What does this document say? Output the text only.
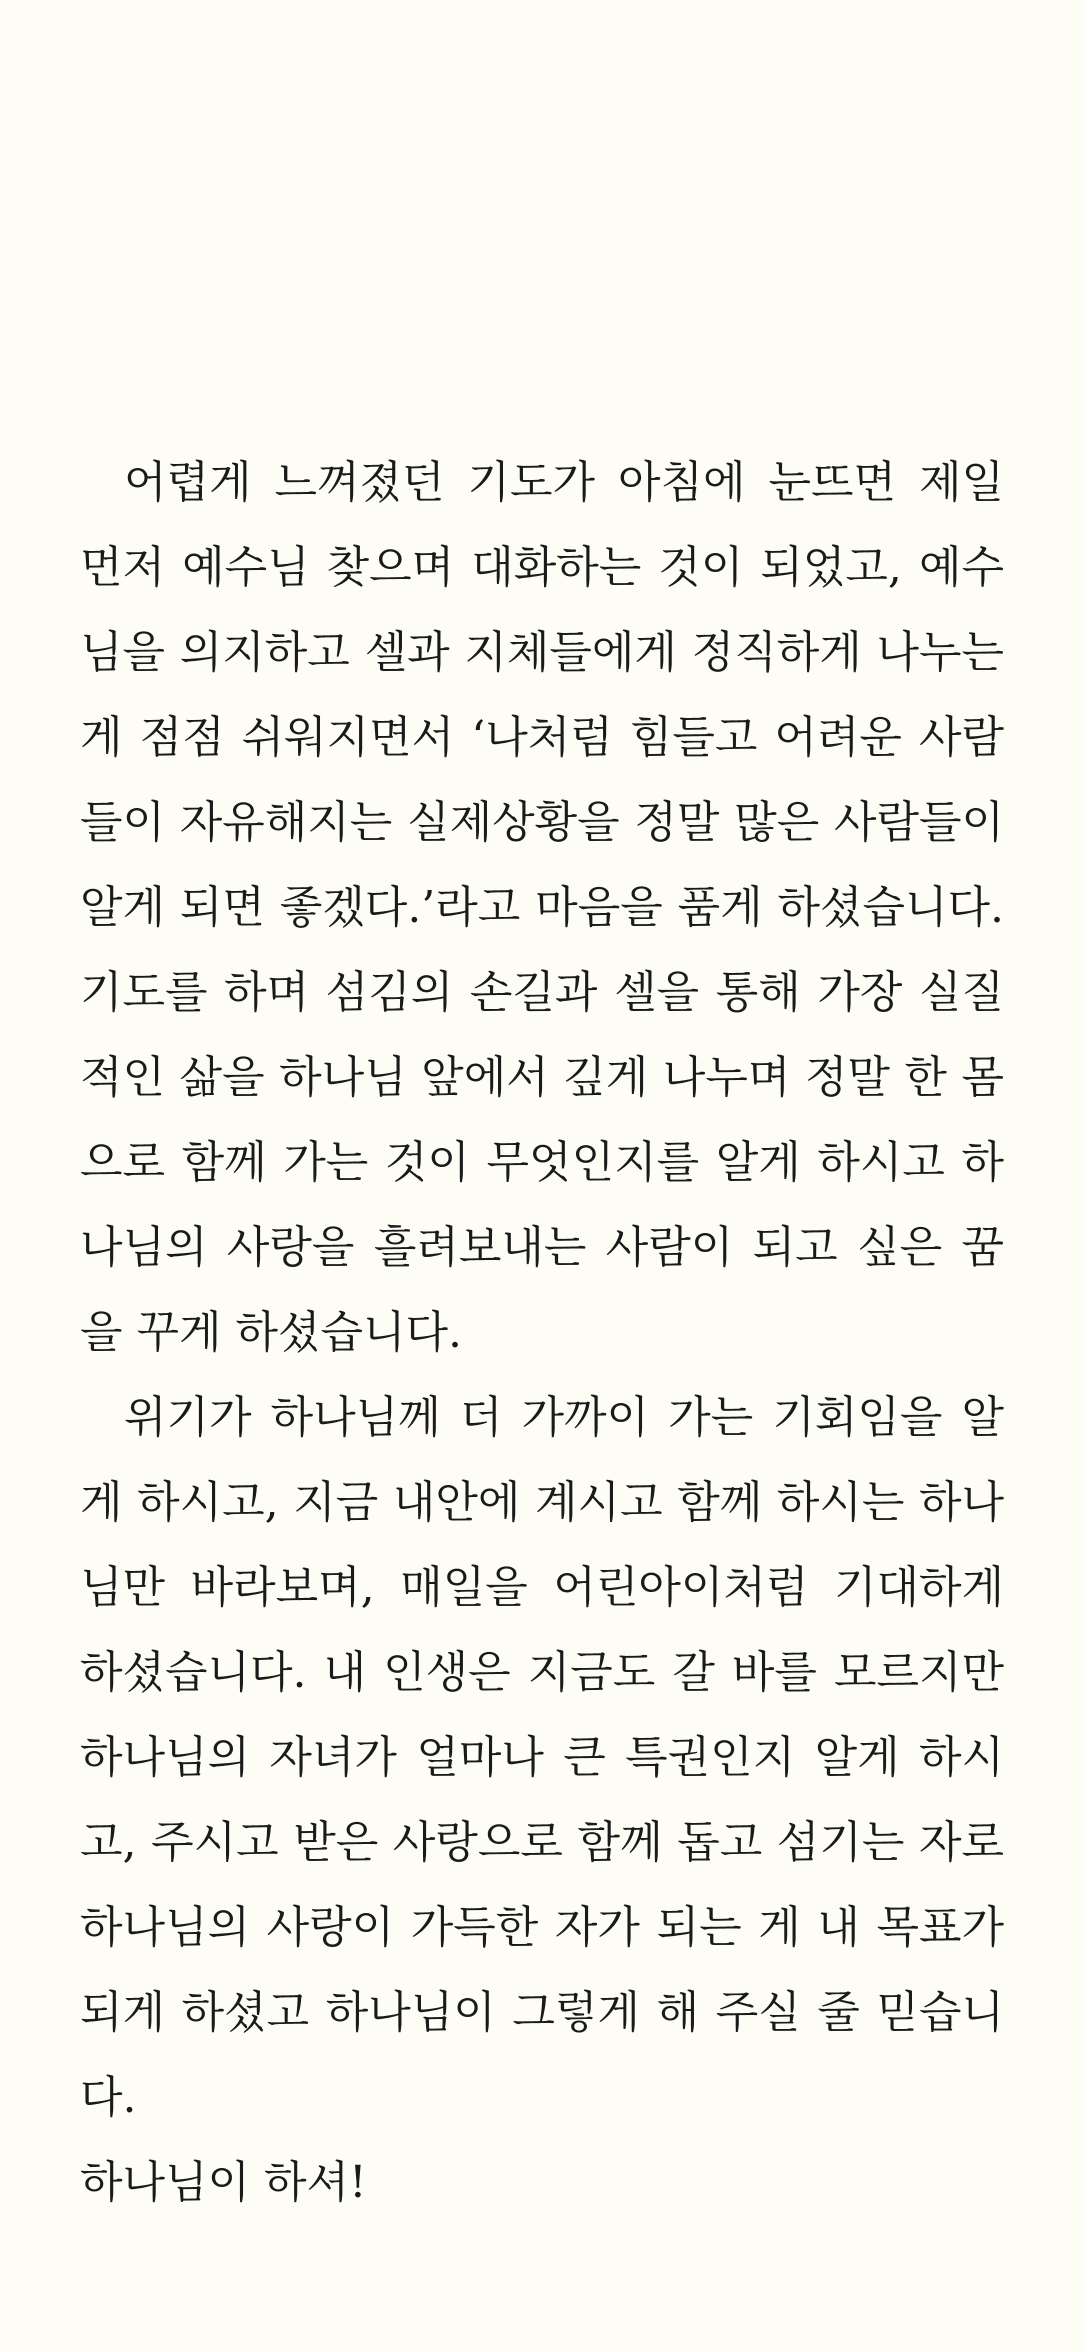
어렵게 느껴졌던 기도가 아침에 눈뜨면 제일 먼저 예수님 찾으며 대화하는 것이 되었고, 예수님을 의지하고 셀과 지체들에게 정직하게 나누는 게 점점 쉬워지면서 ‘나처럼 힘들고 어려운 사람들이 자유해지는 실제상황을 정말 많은 사람들이 알게 되면 좋겠다.’라고 마음을 품게 하셨습니다. 기도를 하며 섬김의 손길과 셀을 통해 가장 실질적인 삶을 하나님 앞에서 깊게 나누며 정말 한 몸으로 함께 가는 것이 무엇인지를 알게 하시고 하나님의 사랑을 흘려보내는 사람이 되고 싶은 꿈을 꾸게 하셨습니다.

위기가 하나님께 더 가까이 가는 기회임을 알게 하시고, 지금 내안에 계시고 함께 하시는 하나님만 바라보며, 매일을 어린아이처럼 기대하게 하셨습니다. 내 인생은 지금도 갈 바를 모르지만 하나님의 자녀가 얼마나 큰 특권인지 알게 하시고, 주시고 받은 사랑으로 함께 돕고 섬기는 자로 하나님의 사랑이 가득한 자가 되는 게 내 목표가 되게 하셨고 하나님이 그렇게 해 주실 줄 믿습니다.

하나님이 하셔!
